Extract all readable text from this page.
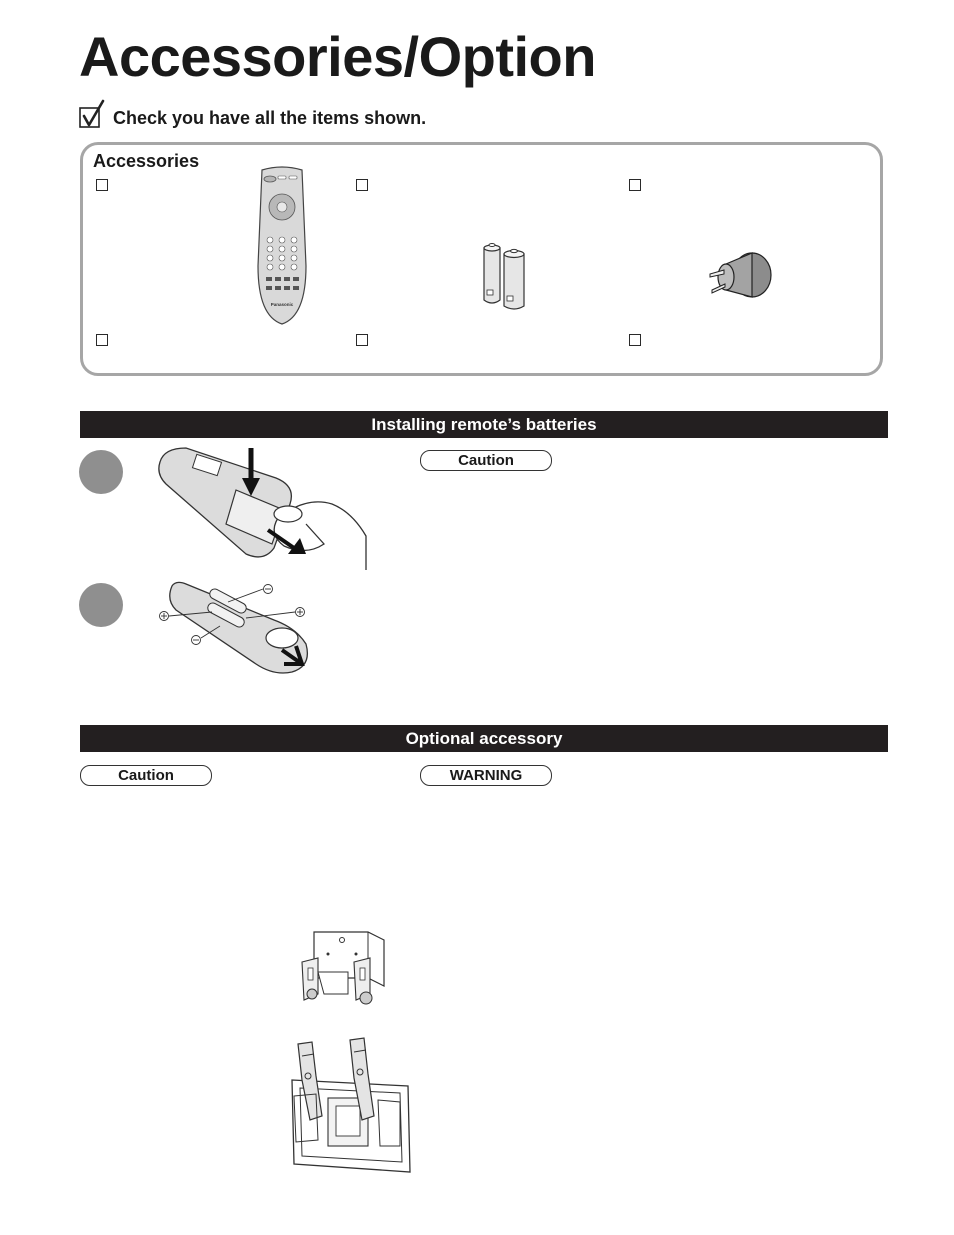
Accessories/Option
Check you have all the items shown.
Accessories
Panasonic
Installing remote’s batteries
Caution
Optional accessory
Caution	WARNING
